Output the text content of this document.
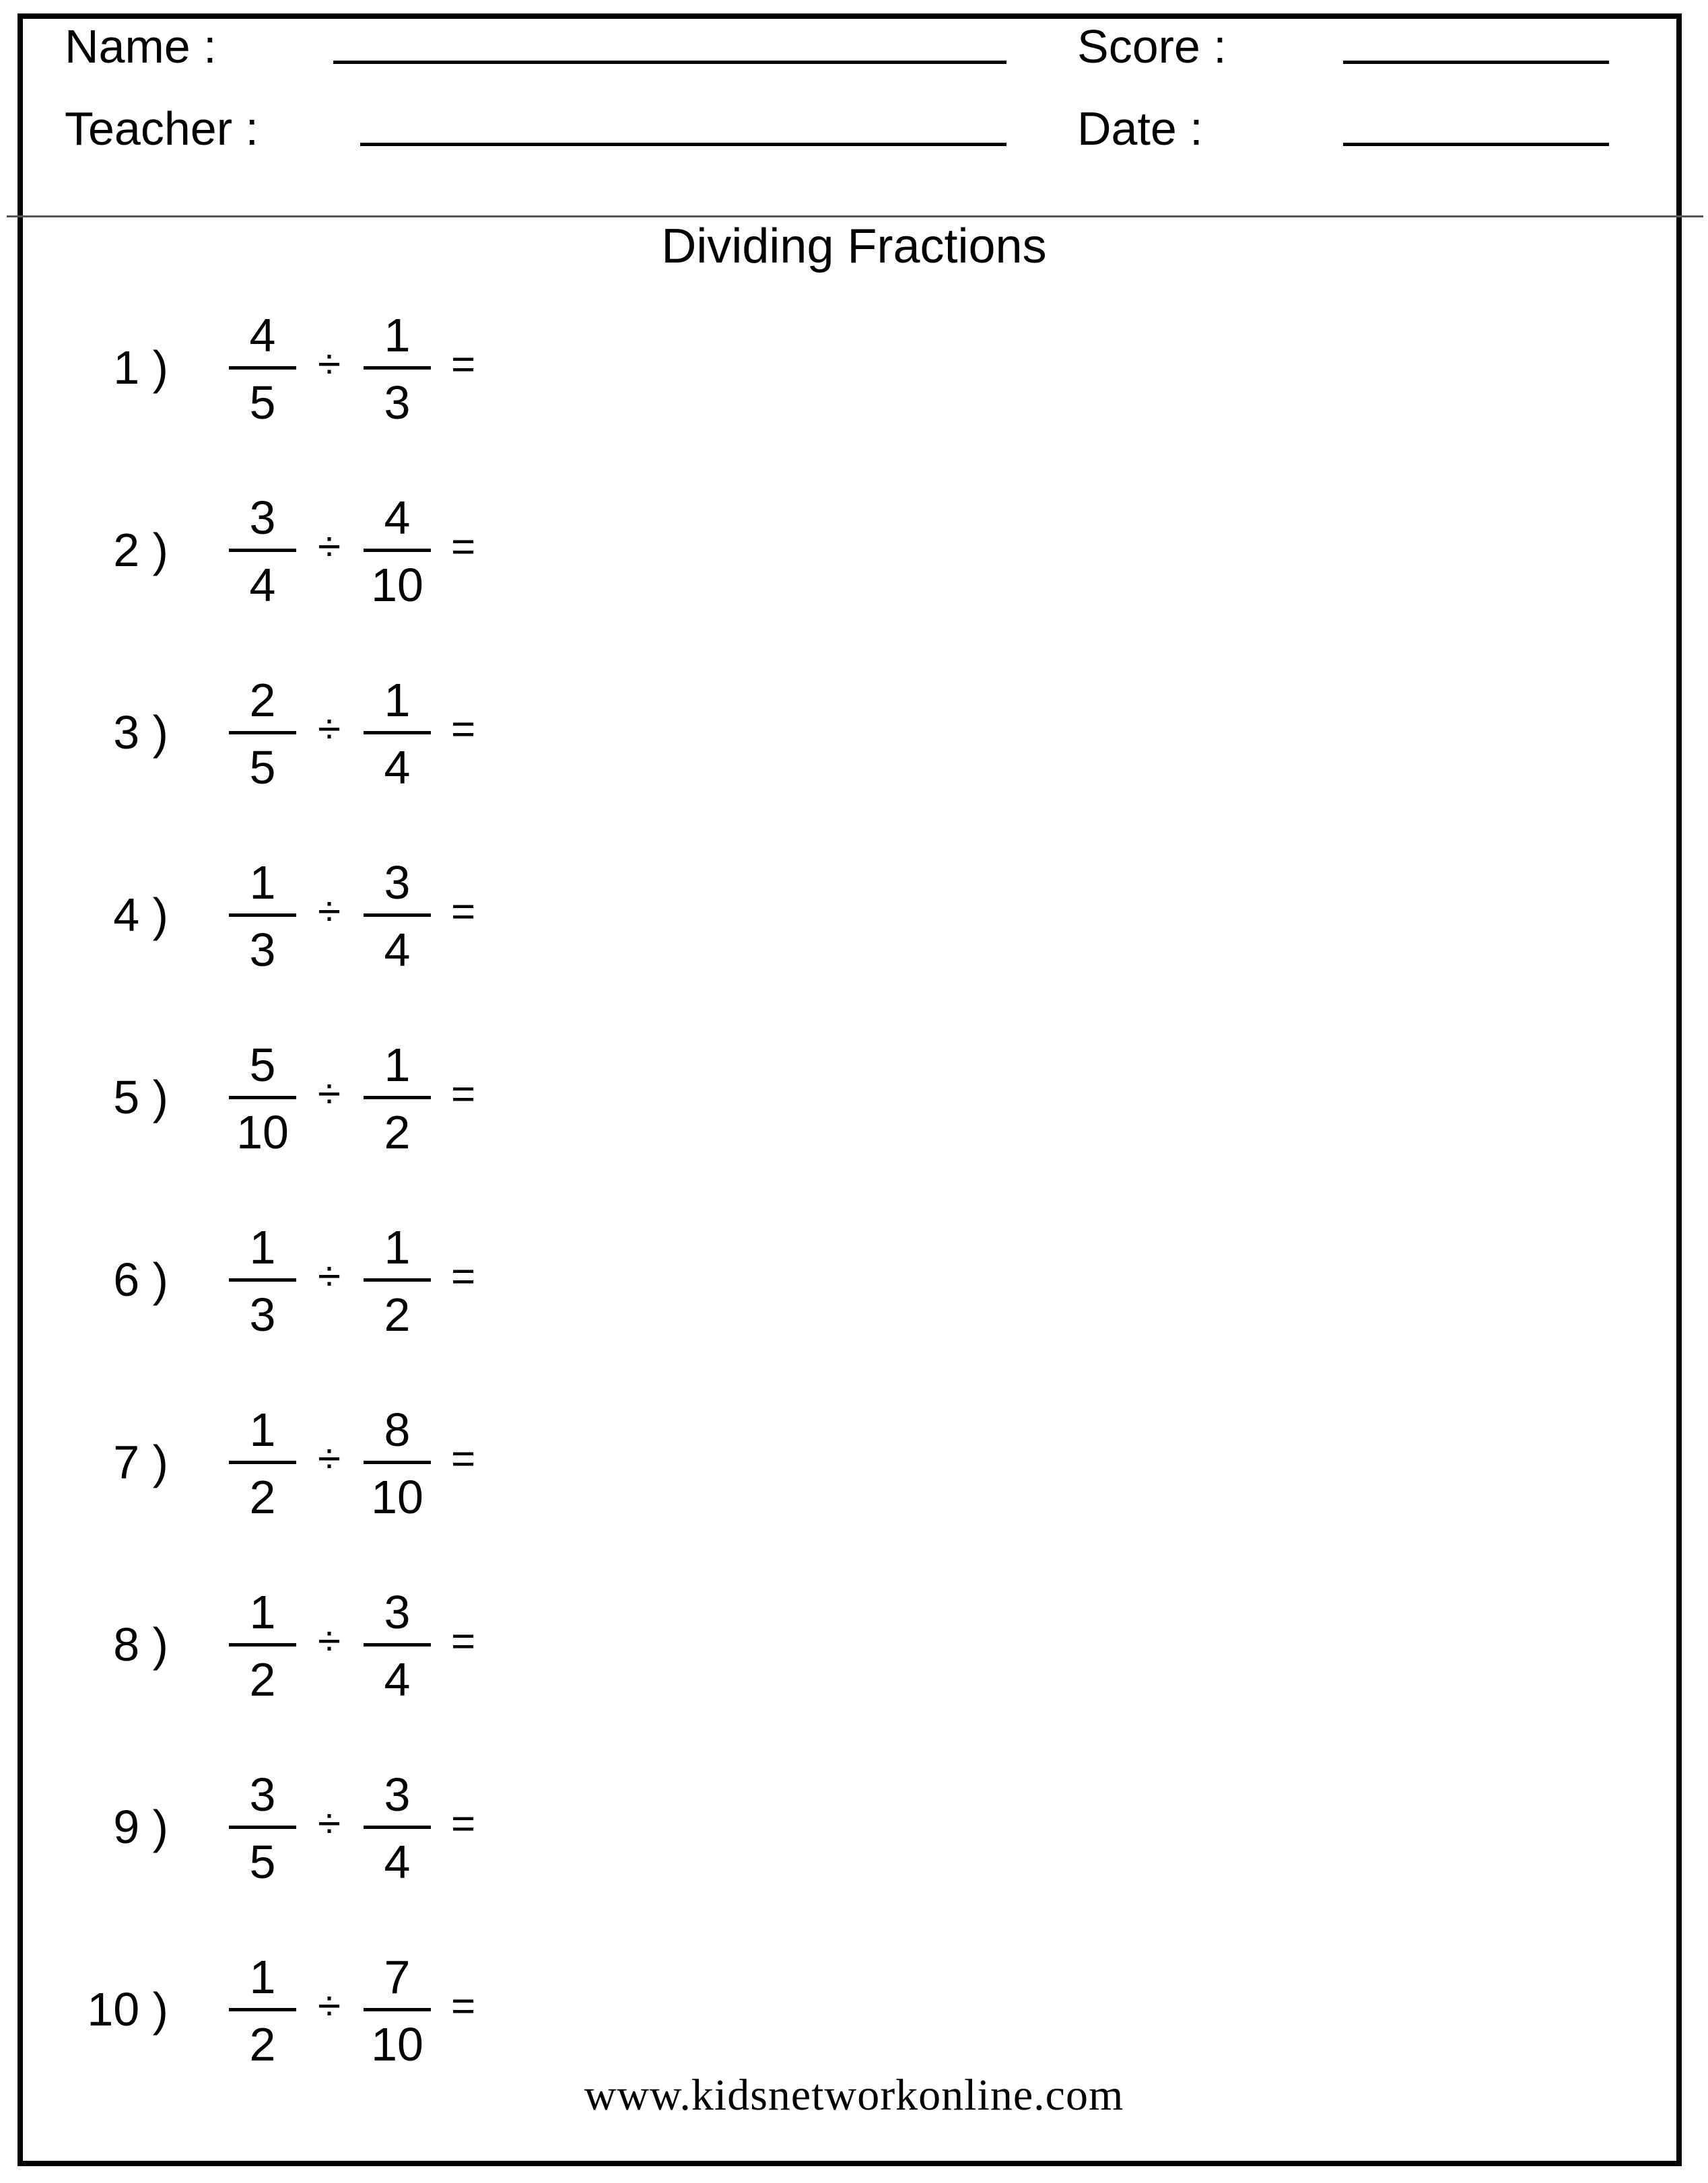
Name :	Score :
Teacher :	Date :
Dividing Fractions
1 )
4
5
÷
1
3
=
2 )
3
4
÷
4
10
=
3 )
2
5
÷
1
4
=
4 )
1
3
÷
3
4
=
5 )
5
10
÷
1
2
=
6 )
1
3
÷
1
2
=
7 )
1
2
÷
8
10
=
8 )
1
2
÷
3
4
=
9 )
3
5
÷
3
4
=
10 )
1
2
÷
7
10
=
www.kidsnetworkonline.com
